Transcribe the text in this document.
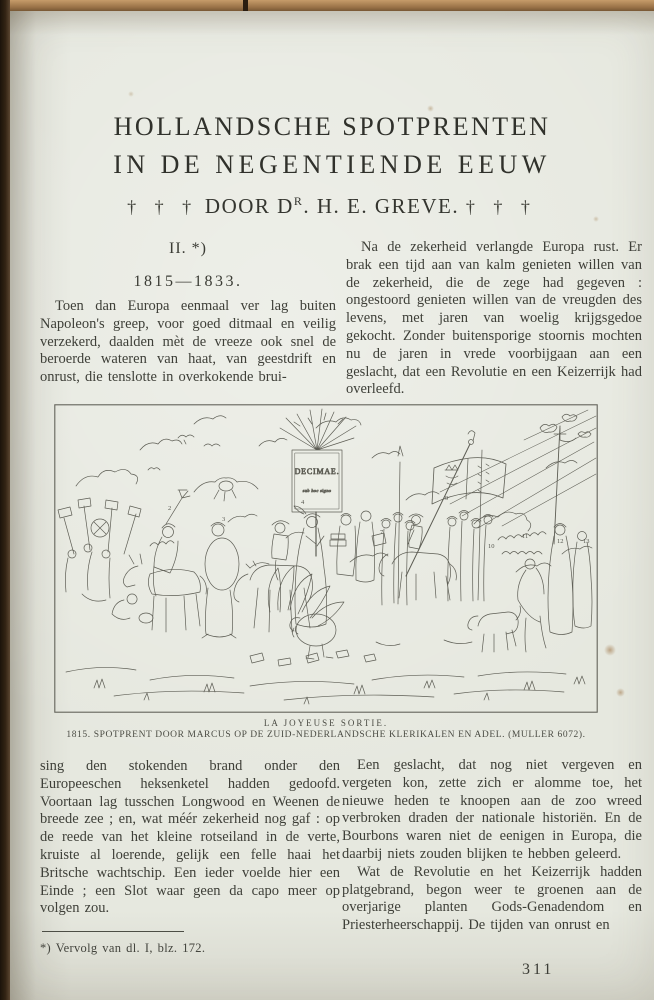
HOLLANDSCHE SPOTPRENTEN
IN DE NEGENTIENDE EEUW
† † † DOOR $D^R$. H. E. GREVE. † † †
II. *)
1815—1833.

Toen dan Europa eenmaal ver lag buiten Napoleon's greep, voor goed ditmaal en veilig verzekerd, daalden mèt de vreeze ook snel de beroerde wateren van haat, van geestdrift en onrust, die tenslotte in overkokende brui-

Na de zekerheid verlangde Europa rust. Er brak een tijd aan van kalm genieten willen van de zekerheid, die de zege had gegeven : ongestoord genieten willen van de vreugden des levens, met jaren van woelig krijgsgedoe gekocht. Zonder buitensporige stoornis mochten nu de jaren in vrede voorbijgaan aan een geslacht, dat een Revolutie en een Keizerrijk had overleefd.

DECIMAE.
sub hoc signo
2
3
4
7
9
10
11
12	13
LA JOYEUSE SORTIE.
1815. SPOTPRENT DOOR MARCUS OP DE ZUID-NEDERLANDSCHE KLERIKALEN EN ADEL. (MULLER 6072).

sing den stokenden brand onder den Europeeschen heksenketel hadden gedoofd. Voortaan lag tusschen Longwood en Weenen de breede zee ; en, wat méér zekerheid nog gaf : op de reede van het kleine rotseiland in de verte, kruiste al loerende, gelijk een felle haai het Britsche wachtschip. Een ieder voelde hier een Einde ; een Slot waar geen da capo meer op volgen zou.

*) Vervolg van dl. I, blz. 172.

Een geslacht, dat nog niet vergeven en vergeten kon, zette zich er alomme toe, het nieuwe heden te knoopen aan de zoo wreed verbroken draden der nationale historiën. En de Bourbons waren niet de eenigen in Europa, die daarbij niets zouden blijken te hebben geleerd.

Wat de Revolutie en het Keizerrijk hadden platgebrand, begon weer te groenen aan de overjarige planten Gods-Genadendom en Priesterheerschappij. De tijden van onrust en

311
